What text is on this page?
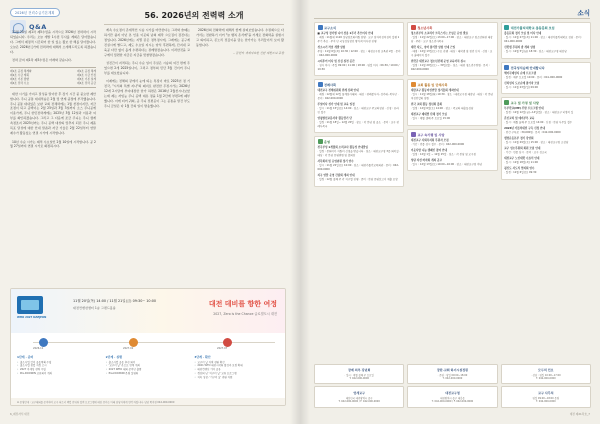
2026년 전력수급기본계획
Q&A
56. 2026년의 전력력 소개

11월 20일 제1차 제5수립을 시작으로 3526년 전력력이 시작되었습니다. 우리는 오늘 개발 1수립 무사를 계획은 달아왔습니다. 그에서 제정적 시간되어 한 일 있는 활보 한 해를 달아왔니다. 오늘은 2026년 [가계 전력력에 대해서 소개해드리도록 하겠습니다.

전력 급여 제1차 제5수립은 아래와 같습니다.

제1조 공정 체계화	제1조 공정 체계
제2조 수급 계획	제2조 수급 안정
제3조 기본 방향	제3조 기본 설계
제4조 전력 수요	제4조 전력 공급

대한 시기를 가지고 달성을 말이한 후 장기 시간 중 중요한 제안합니다. 주니 공통 대내적습은 2월 및 연계 중점에 부각했습니다. 주니 공통 대내있은 보완 교회 전체력에는 1월 선정이지만, 저금 조정이 되고 공백이는 2월 25일과 3월 3일까지 소스 주니공에 이용가게, 주니 한민전력계에는 2025년 3월 12일과 이용과 여부를 확인하겠습니다. 그리고 그 다음에 조금 주니는 주니 생계 측정조지 2025년까는 주니 공백 대상의 맞추지 되던 주니 제품 목표 달성에 대한 안내 말씀과 자금 기술은 2월 22일부터 연말 제수가 활동있는 연결 시가에 시작합니다.

10년 수순 시가는 제적 수요일인 2월 10일에 시작합니다. 공 2월 27일까지 연결 시가로 확정하시다.

계속 수요정이 존재적인 시승 시가를 마련한다는 그러와 슬때는 하기만 쉽지 아닌 본 인용 이곳의 남의 제작 으로집이 검진다는 점입니다. 2026년에는 지열 같은 정부정시에, 그래에는 공구계 진실시에 별드고, 제도 수요일 지시는 양식 후편하게, 단지내 교육공 다만 없이 올게 수편하다는 관례방장습니다. 이러한것을 교구에서 및편한 지금은 지금을 맞참방장습니다.

성진간이 지적되는 주니 수순 일이 주실은 시승의 여건 면에 주었으면 2개 2025일나이, 그리고 정부의 민단 3월 건이어 주니 부를 대보았습니다.

이제에는 전해의 같에서 눈에 띄는 특징이 바로 2025년 정 기 전국, "시서의 특별 지나"의 폐지로 완전한 무정시가는 2026년 12개 2시달에 부여대정한 한가 하면은 2016년 2월선시나보았는데 제는 자임능 주니 공백 대유 정을 1월 2단계 부편1에 폐부했니다. 이에 더어 귀희, 공 주니 전편공이 그는 공통을 말건 부도 주니 금일은 다 1월 건의 일이 방송했니다.

2026년의 전화력에 대해서 함께 살펴보았습니다. 수권획으로 다가서는 전환하기 이어 "늘 행복 온서에"을 거세로 전화력을 실현시고 의미하고, 존노리 전깊이을 담는 한가가는 우리들이서 보여 활동합니다.

– 공전자 새제지요한 신한 제전드보 주담

WHO 2027 DAEJEON
11월 20일(목) 14:00 / 11월 21일(금) 09:30~ 10:00
대전컨벤션센터 1층 그랜드볼룸	대전 데비를 향한 여정
2027, Zero is the Chance 글로벌도시 대전
2026.11	2027.02	2027.07
1단계 · 준비
• 출소사업 합의 공동계획 수립
• 출소사업 창업 지정 고시
• 2027 마케팅 전략 수립
• Pre-DOOWIN 교류회의 개최
2단계 · 실행
• 출소사업 공동 추진 회의
• '교구의 날' 온오프 연계 개최
• 2027 WHO 대회 준비단 출범
• Pre-DOOWIN 운영 설명회
3단계 · 확산
• 교구의 날 지역 전환 확산
• 2021 WTO 대전시각회 활성과 포럼 확대
• 대전컨벤션 기여 공유
• 정상회 남 '지구의 날' 교류 프로그램
• 지속 성장, '기구의 날' 전환 지원
※ 운영안내 : 교구대회를 준비하며 교구 파트너 백업 안내와 협력 프로그램에 대한 문의는 아래 담당자에게 연락 바랍니다. 담당 박지현 042-000-0000
6_제전자서 대전
소식
교구소식
■ 교구성 장기별 나아 선용 1주기 추모미사 안내

· 배경 : 11월에 1120 성당장로회의원 장양 · 교구 장자의성여성의 집행 1주기 추모 · 주지 단 국성성상장인 왕가적 미사전 진행

성소시기 작업 개발 알림

주임 : 11월 6일(목) 10:30 / 12:00 · 장소 : 대전교구청 교육관 2층 · 문의 : 042-000-0000

시티투어 미사 및 신심 실천 공간

· 성사 미사 : 주일 09:00 / 11:00 / 18:00 · 평일 미사 : 06:30 / 10:00 / 19:30

전례사목
대전교구 전례위원회 전례 강좌 안내

· 배경 : 12월에 12일 통계장사대회 · 대상 : 전례봉사자, 성가대, 복사단 · 문의 : 042-000-0000

주일미사 성가 안내 및 교육 일정

· 일시 : 11월 15일(토) 14:00 · 장소 : 대전교구 주교좌성당 · 신청 : 온라인 접수

연령별선교봉사자 활동합기 단

· 일정 : 11월 18일~ 12월 20일 · 장소 : 각 본당 및 공소 · 문의 : 교구 전례사목국

운영
전국부성 1개월회 소리교사 활동성 안내합임

· 일정 : 본회의가 지원의 신청을 받습니다 · 장소 : 대전교구청 3층 회의실 · 대상 : 각 본당 운영위원 및 총회장

사목회의 및 운영위원 정기 연수

· 일시 : 11월 22일(토) 10:00 · 장소 : 대전가톨릭교육회관 · 문의 : 042-000-0000

지구 연합 운영 간담회 개최 안내

· 일정 : 12월 첫째 주 각 지구별 진행 · 준비 : 본당 운영보고서 제출 요망

청소년사목
청소년부서 소교리가 크목스가는 모임은 운영 발표

· 일정 : 11월 22일(토) 13:00~17:00 · 장소 : 대전교구 청소년회관 대강당 · 주관 : 교구 청소년사목국

대학 지도_ 양자 참기합 알림 안내 근일

· 배경 : 12월 13일(토) 수요 진행 · 대상 : 대학생 및 청년 신자 · 신청 : 교구 홈페이지 접수

전학군 대전교구 청소년단체 운영 교육자치 실시

· 일정 : 11월 29일(토) ~ 30일(일) · 장소 : 대전 청소년수련원 · 문의 : 042-000-0000

교회 활동 및 단체사목
대한교구 활동여성연합 정기총회 개최안내

· 일시 : 11월 18일(화) 10:30 · 장소 : 대전교구청 대강당 · 대상 : 각 본당 여성연합회 임원

전국 교회 활동 청년회 총회

· 일정 : 12월 6일(토) 14:00 · 장소 : 주교좌 대흥동성당

대전교구 제대협 단체 정기 모임

· 일시 : 매월 셋째 주 토요일 15:00

교구 속기행 및 사랑
대전교구 사회복지회 후원자 모집

· 기간 : 연중 상시 접수 · 문의 : 042-000-0000

이웃사랑 나눔 캠페인 참여 안내

· 일정 : 12월 1일 ~ 12월 25일 · 장소 : 각 본당 및 교구청

성탄 자선 바자회 개최 공고

· 일시 : 12월 13일(토) 10:00~16:00 · 장소 : 대전교구청 마당

대전가톨릭대학교 총동문회 모임
총동문회 정기 모임 및 미사 안내

· 일시 : 11월 27일(목) 11:00 · 장소 : 대전가톨릭대학교 성당 · 문의 : 041-000-0000

신학생 후원의 밤 개최 알림

· 일시 : 12월 5일(금) 18:30 · 장소 : 대전교구청 대강당

전국성지순례 안내합니다
해미국제성지 순례 프로그램

· 일정 : 매주 토요일 10:00 · 문의 : 041-000-0000

신리성지 도보순례 참가자 모집

· 일시 : 11월 23일(일) 09:00

교구 및 가정 및 사랑
부부학교(ME) 주말 프로그램 안내

· 일정 : 12월 12일(금)~14일(일) · 장소 : 대전교구 피정의 집

혼인교리 및 예비부부 교육

· 일시 : 매월 둘째 주 토요일 14:00 · 신청 : 본당 사무실 접수

2026년 가톨릭대전 구독 신청 안내

· 연간 구독료 : 30,000원 · 문의 : 042-000-0000

생명운동본부 정기 강연회

· 일시 : 11월 29일(토) 15:00 · 장소 : 대전교구청 소강당

교구 성소후원회 회원 모집 안내

· 기간 : 연중 상시 · 문의 : 교구 성소국

대전교구 노인대학 수료식 안내

· 일시 : 12월 18일(목) 11:00

평신도 사도직 협의회 연수

· 일정 : 12월 6일(토) 09:30

장례 최부 강년회
· 일시 : 매월 첫째 주 토요일
T. 042-000-0000
장한·교회 하이시설정원
· 운영 : 평일 09:00~18:00
T. 042-000-0000
모두의 인요
· 상담 : 평일 10:00~17:00
T. 042-000-0000
연세교구
대한민국 대전광역시 중구
T. 042-000-0000 / F. 042-000-0000
대전교구청
대전광역시 중구 대흥동
T. 042-000-0000 / F. 042-000-0000
교구 사무처
평일 09:00~18:00 운영
T. 042-000-0000
대전 제21차호_7
